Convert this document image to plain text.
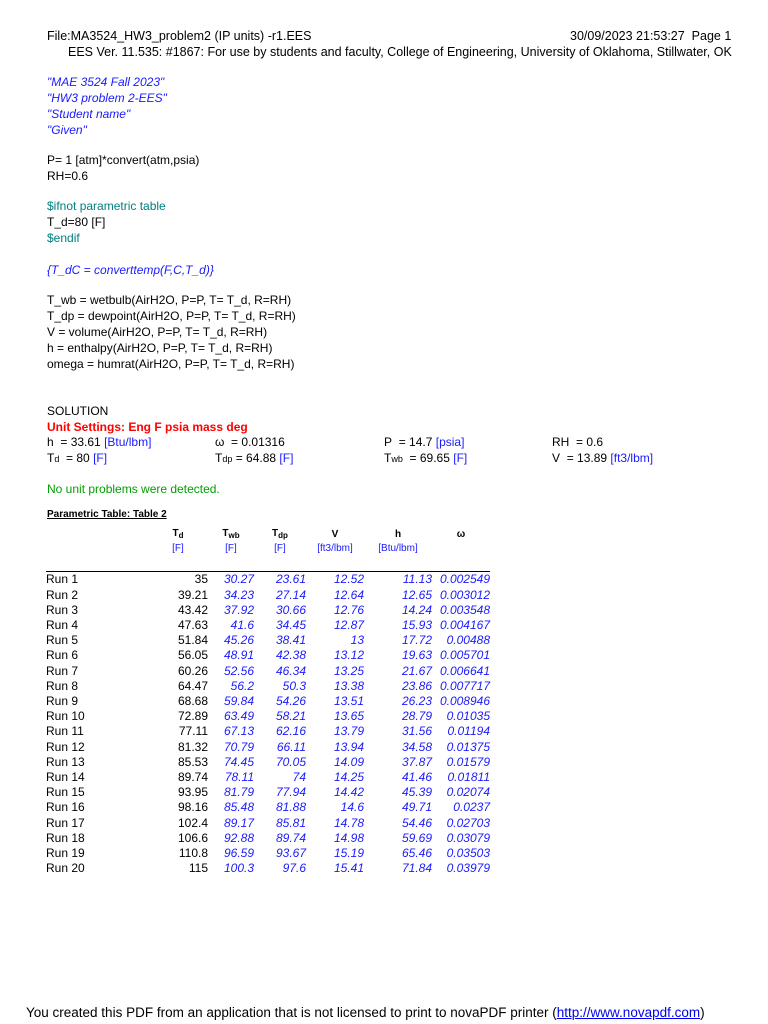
File:MA3524_HW3_problem2 (IP units) -r1.EES	30/09/2023 21:53:27 Page 1
EES Ver. 11.535: #1867: For use by students and faculty, College of Engineering, University of Oklahoma, Stillwater, OK
"MAE 3524 Fall 2023"
"HW3 problem 2-EES"
"Student name"
"Given"
P= 1 [atm]*convert(atm,psia)
RH=0.6
$ifnot parametric table
T_d=80 [F]
$endif
{T_dC = converttemp(F,C,T_d)}
T_wb = wetbulb(AirH2O, P=P, T= T_d, R=RH)
T_dp = dewpoint(AirH2O, P=P, T= T_d, R=RH)
V = volume(AirH2O, P=P, T= T_d, R=RH)
h = enthalpy(AirH2O, P=P, T= T_d, R=RH)
omega = humrat(AirH2O, P=P, T= T_d, R=RH)
SOLUTION
Unit Settings: Eng F psia mass deg
h = 33.61 [Btu/lbm]	ω = 0.01316	P = 14.7 [psia]	RH = 0.6
Td = 80 [F]	Tdp = 64.88 [F]	Twb = 69.65 [F]	V = 13.89 [ft3/lbm]
No unit problems were detected.
Parametric Table: Table 2
	$T_d$	$T_{wb}$	$T_{dp}$	V	h	ω
	[F]	[F]	[F]	[ft3/lbm]	[Btu/lbm]	

Run 1	35	30.27	23.61	12.52	11.13	0.002549
Run 2	39.21	34.23	27.14	12.64	12.65	0.003012
Run 3	43.42	37.92	30.66	12.76	14.24	0.003548
Run 4	47.63	41.6	34.45	12.87	15.93	0.004167
Run 5	51.84	45.26	38.41	13	17.72	0.00488
Run 6	56.05	48.91	42.38	13.12	19.63	0.005701
Run 7	60.26	52.56	46.34	13.25	21.67	0.006641
Run 8	64.47	56.2	50.3	13.38	23.86	0.007717
Run 9	68.68	59.84	54.26	13.51	26.23	0.008946
Run 10	72.89	63.49	58.21	13.65	28.79	0.01035
Run 11	77.11	67.13	62.16	13.79	31.56	0.01194
Run 12	81.32	70.79	66.11	13.94	34.58	0.01375
Run 13	85.53	74.45	70.05	14.09	37.87	0.01579
Run 14	89.74	78.11	74	14.25	41.46	0.01811
Run 15	93.95	81.79	77.94	14.42	45.39	0.02074
Run 16	98.16	85.48	81.88	14.6	49.71	0.0237
Run 17	102.4	89.17	85.81	14.78	54.46	0.02703
Run 18	106.6	92.88	89.74	14.98	59.69	0.03079
Run 19	110.8	96.59	93.67	15.19	65.46	0.03503
Run 20	115	100.3	97.6	15.41	71.84	0.03979
You created this PDF from an application that is not licensed to print to novaPDF printer (http://www.novapdf.com)
